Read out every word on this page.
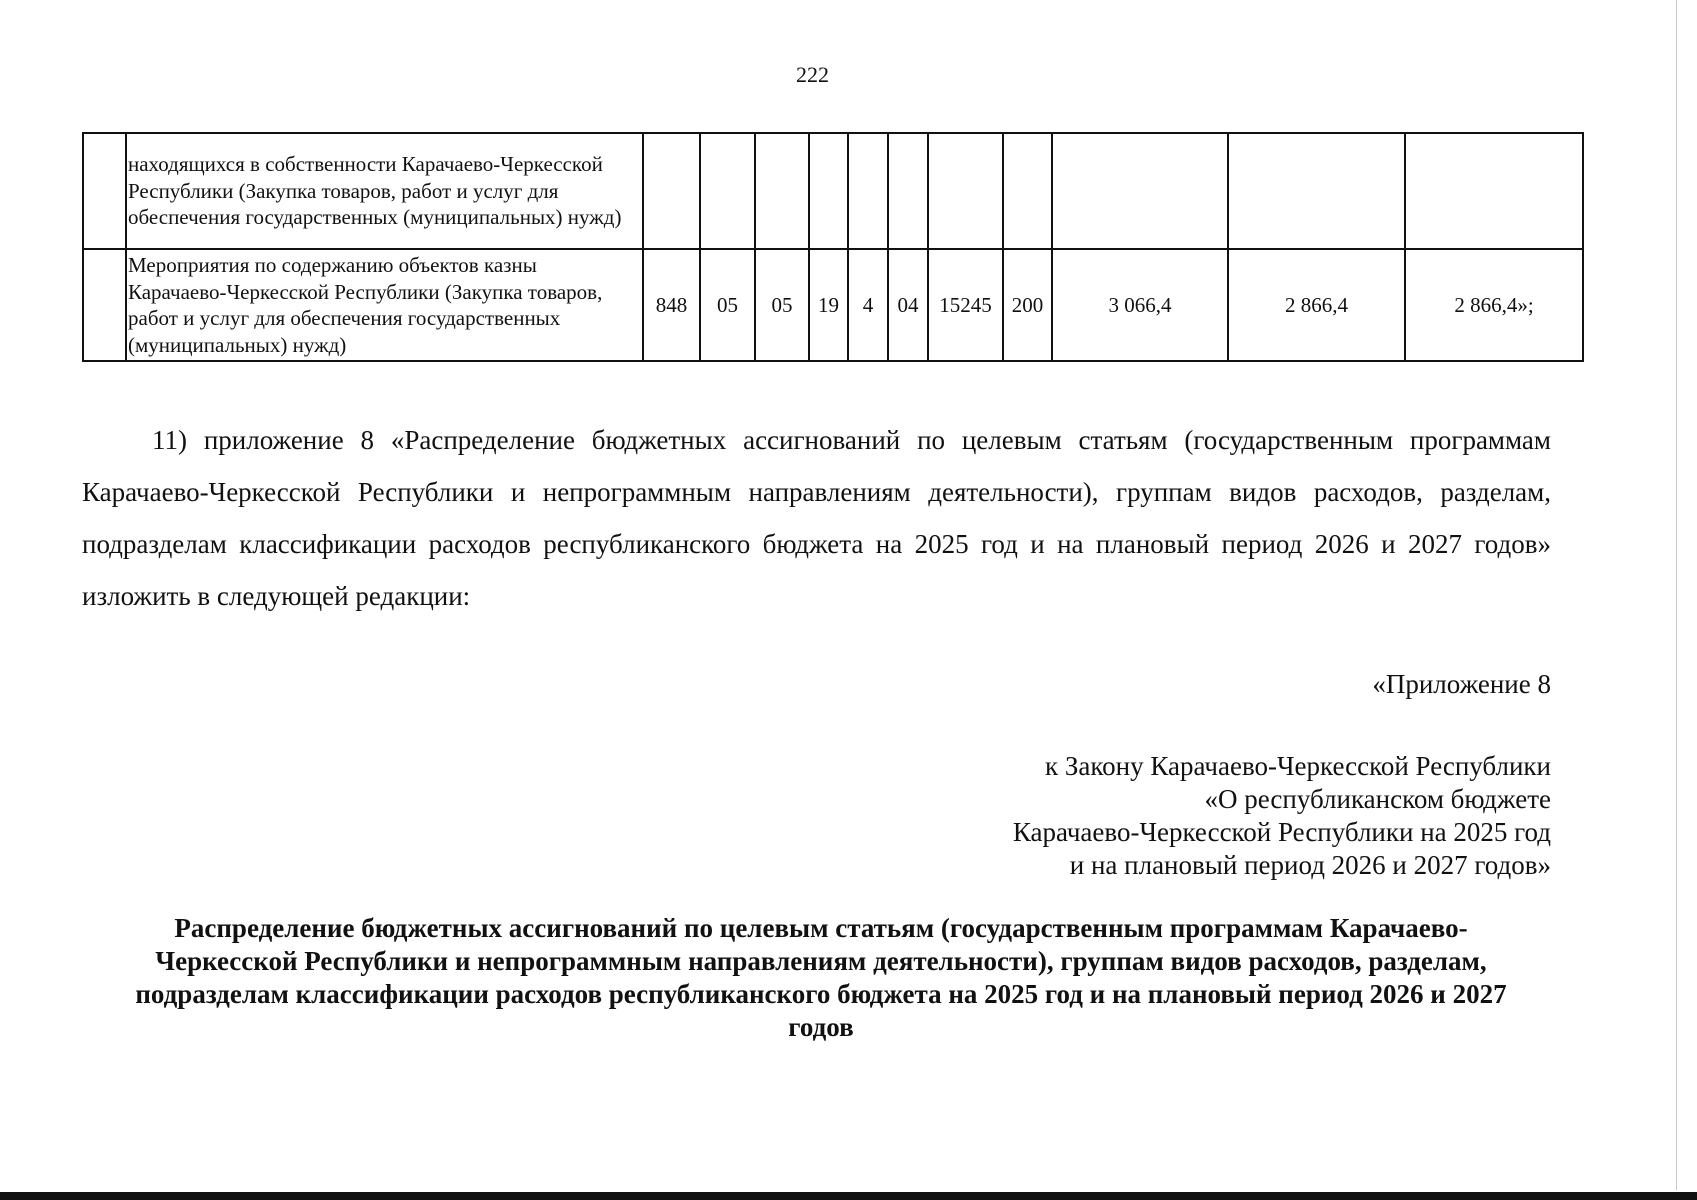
222
	находящихся в собственности Карачаево-Черкесской Республики (Закупка товаров, работ и услуг для обеспечения государственных (муниципальных) нужд)											
	Мероприятия по содержанию объектов казны Карачаево-Черкесской Республики (Закупка товаров, работ и услуг для обеспечения государственных (муниципальных) нужд)	848	05	05	19	4	04	15245	200	3 066,4	2 866,4	2 866,4»;
11) приложение 8 «Распределение бюджетных ассигнований по целевым статьям (государственным программам Карачаево-Черкесской Республики и непрограммным направлениям деятельности), группам видов расходов, разделам, подразделам классификации расходов республиканского бюджета на 2025 год и на плановый период 2026 и 2027 годов» изложить в следующей редакции:
«Приложение 8
к Закону Карачаево-Черкесской Республики
«О республиканском бюджете
Карачаево-Черкесской Республики на 2025 год
и на плановый период 2026 и 2027 годов»
Распределение бюджетных ассигнований по целевым статьям (государственным программам Карачаево-
Черкесской Республики и непрограммным направлениям деятельности), группам видов расходов, разделам,
подразделам классификации расходов республиканского бюджета на 2025 год и на плановый период 2026 и 2027
годов
